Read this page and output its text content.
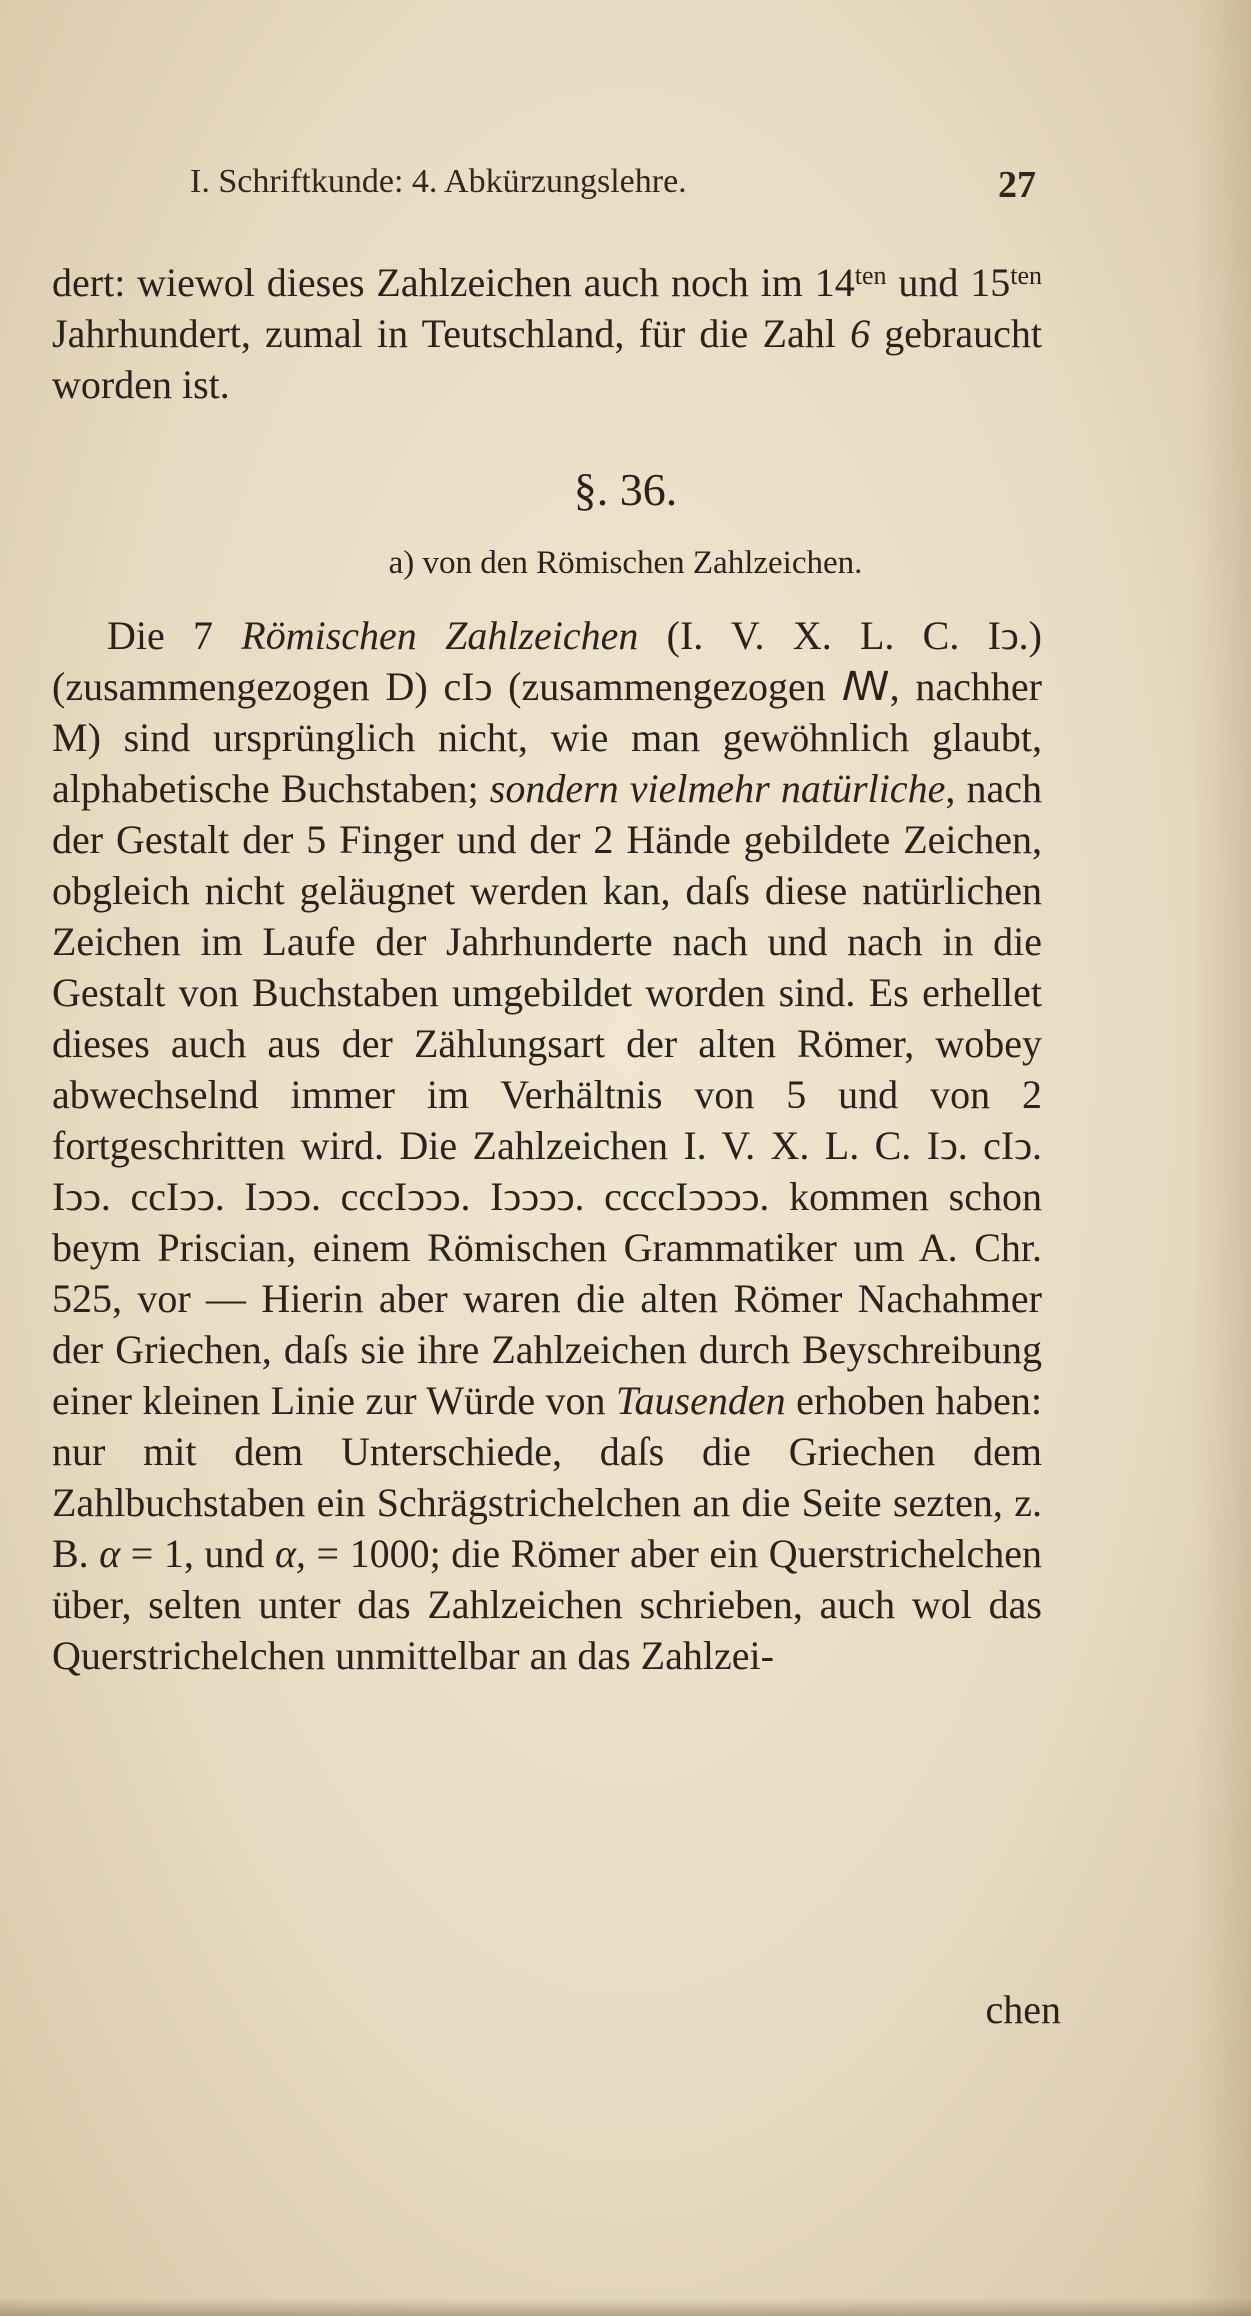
I. Schriftkunde: 4. Abkürzungslehre.	27

dert: wiewol dieses Zahlzeichen auch noch im $14^{ten}$ und $15^{ten}$ Jahrhundert, zumal in Teutschland, für die Zahl 6 gebraucht worden ist.

§. 36.
a) von den Römischen Zahlzeichen.

Die 7 Römischen Zahlzeichen (I. V. X. L. C. Iↄ.) (zusammengezogen D) cIↄ (zusammengezogen ꟿ, nachher M) sind ursprünglich nicht, wie man gewöhnlich glaubt, alphabetische Buchstaben; sondern vielmehr natürliche, nach der Gestalt der 5 Finger und der 2 Hände gebildete Zeichen, obgleich nicht geläugnet werden kan, daſs diese natürlichen Zeichen im Laufe der Jahrhunderte nach und nach in die Gestalt von Buchstaben umgebildet worden sind. Es erhellet dieses auch aus der Zählungsart der alten Römer, wobey abwechselnd immer im Verhältnis von 5 und von 2 fortgeschritten wird. Die Zahlzeichen I. V. X. L. C. Iↄ. cIↄ. Iↄↄ. ccIↄↄ. Iↄↄↄ. cccIↄↄↄ. Iↄↄↄↄ. ccccIↄↄↄↄ. kommen schon beym Priscian, einem Römischen Grammatiker um A. Chr. 525, vor — Hierin aber waren die alten Römer Nachahmer der Griechen, daſs sie ihre Zahlzeichen durch Beyschreibung einer kleinen Linie zur Würde von Tausenden erhoben haben: nur mit dem Unterschiede, daſs die Griechen dem Zahlbuchstaben ein Schrägstrichelchen an die Seite sezten, z. B. α = 1, und α, = 1000; die Römer aber ein Querstrichelchen über, selten unter das Zahlzeichen schrieben, auch wol das Querstrichelchen unmittelbar an das Zahlzei-

chen
